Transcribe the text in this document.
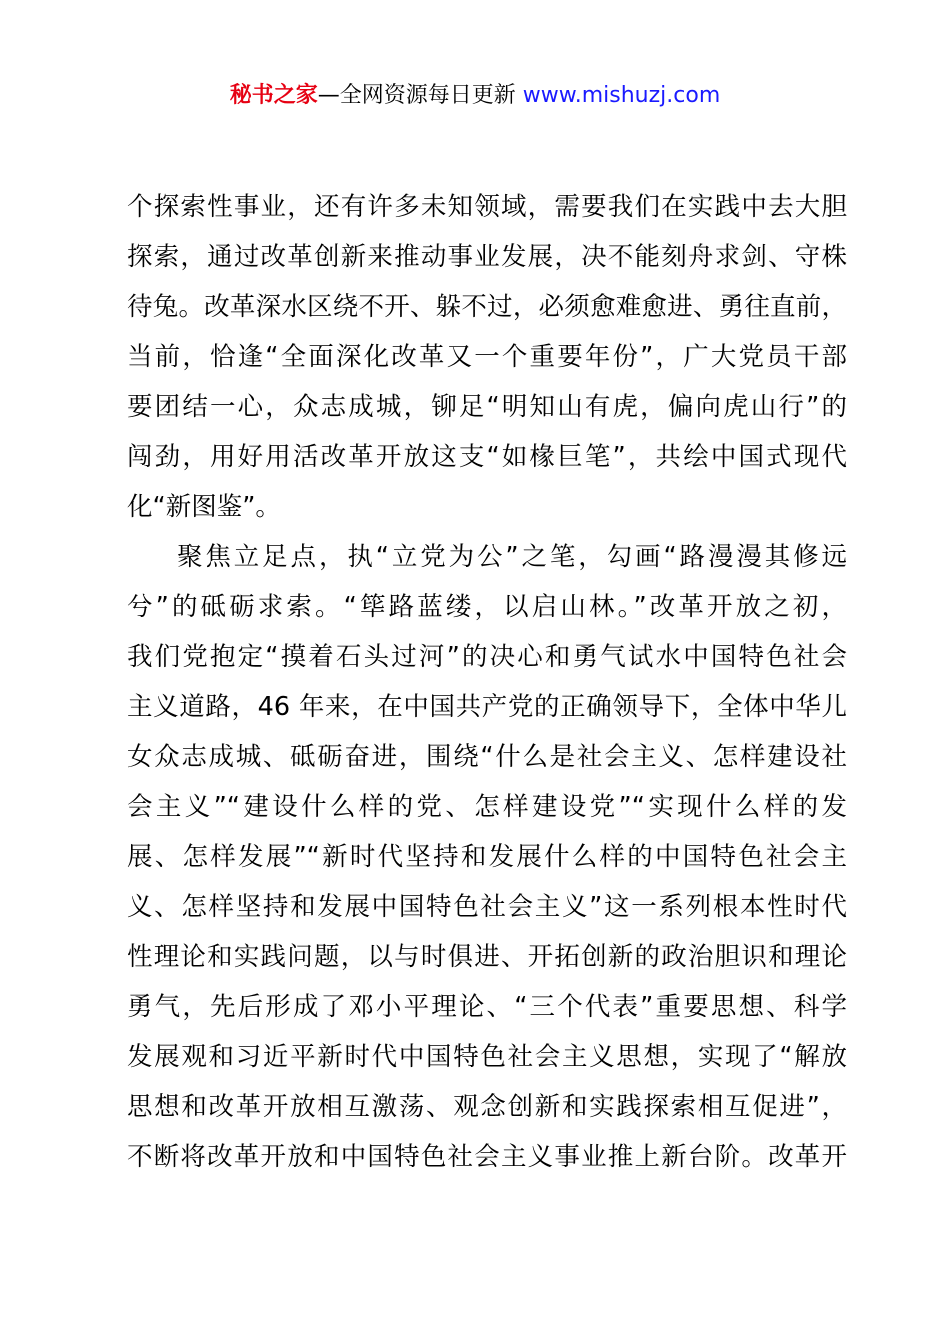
秘书之家—全网资源每日更新 www.mishuzj.com
个探索性事业，还有许多未知领域，需要我们在实践中去大胆
探索，通过改革创新来推动事业发展，决不能刻舟求剑、守株
待兔。改革深水区绕不开、躲不过，必须愈难愈进、勇往直前，
当前，恰逢“全面深化改革又一个重要年份”，广大党员干部
要团结一心，众志成城，铆足“明知山有虎，偏向虎山行”的
闯劲，用好用活改革开放这支“如椽巨笔”，共绘中国式现代
化“新图鉴”。
聚焦立足点，执“立党为公”之笔，勾画“路漫漫其修远
兮”的砥砺求索。“筚路蓝缕，以启山林。”改革开放之初，
我们党抱定“摸着石头过河”的决心和勇气试水中国特色社会
主义道路，46 年来，在中国共产党的正确领导下，全体中华儿
女众志成城、砥砺奋进，围绕“什么是社会主义、怎样建设社
会主义”“建设什么样的党、怎样建设党”“实现什么样的发
展、怎样发展”“新时代坚持和发展什么样的中国特色社会主
义、怎样坚持和发展中国特色社会主义”这一系列根本性时代
性理论和实践问题，以与时俱进、开拓创新的政治胆识和理论
勇气，先后形成了邓小平理论、“三个代表”重要思想、科学
发展观和习近平新时代中国特色社会主义思想，实现了“解放
思想和改革开放相互激荡、观念创新和实践探索相互促进”，
不断将改革开放和中国特色社会主义事业推上新台阶。改革开
